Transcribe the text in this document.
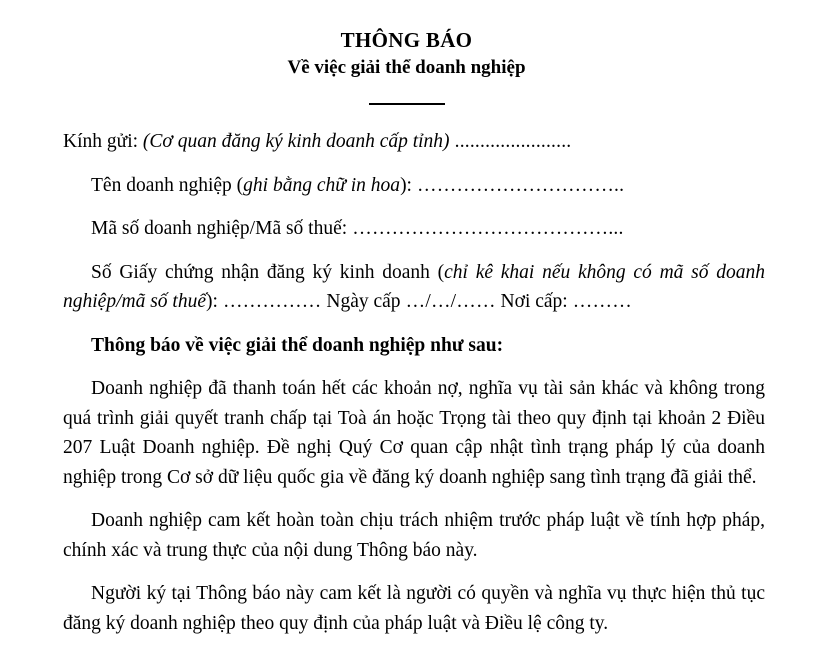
THÔNG BÁO
Về việc giải thể doanh nghiệp

Kính gửi: (Cơ quan đăng ký kinh doanh cấp tỉnh) .......................

Tên doanh nghiệp (ghi bằng chữ in hoa): …………………………..

Mã số doanh nghiệp/Mã số thuế: …………………………………...

Số Giấy chứng nhận đăng ký kinh doanh (chỉ kê khai nếu không có mã số doanh nghiệp/mã số thuế): …………… Ngày cấp …/…/…… Nơi cấp: ………

Thông báo về việc giải thể doanh nghiệp như sau:

Doanh nghiệp đã thanh toán hết các khoản nợ, nghĩa vụ tài sản khác và không trong quá trình giải quyết tranh chấp tại Toà án hoặc Trọng tài theo quy định tại khoản 2 Điều 207 Luật Doanh nghiệp. Đề nghị Quý Cơ quan cập nhật tình trạng pháp lý của doanh nghiệp trong Cơ sở dữ liệu quốc gia về đăng ký doanh nghiệp sang tình trạng đã giải thể.

Doanh nghiệp cam kết hoàn toàn chịu trách nhiệm trước pháp luật về tính hợp pháp, chính xác và trung thực của nội dung Thông báo này.

Người ký tại Thông báo này cam kết là người có quyền và nghĩa vụ thực hiện thủ tục đăng ký doanh nghiệp theo quy định của pháp luật và Điều lệ công ty.
